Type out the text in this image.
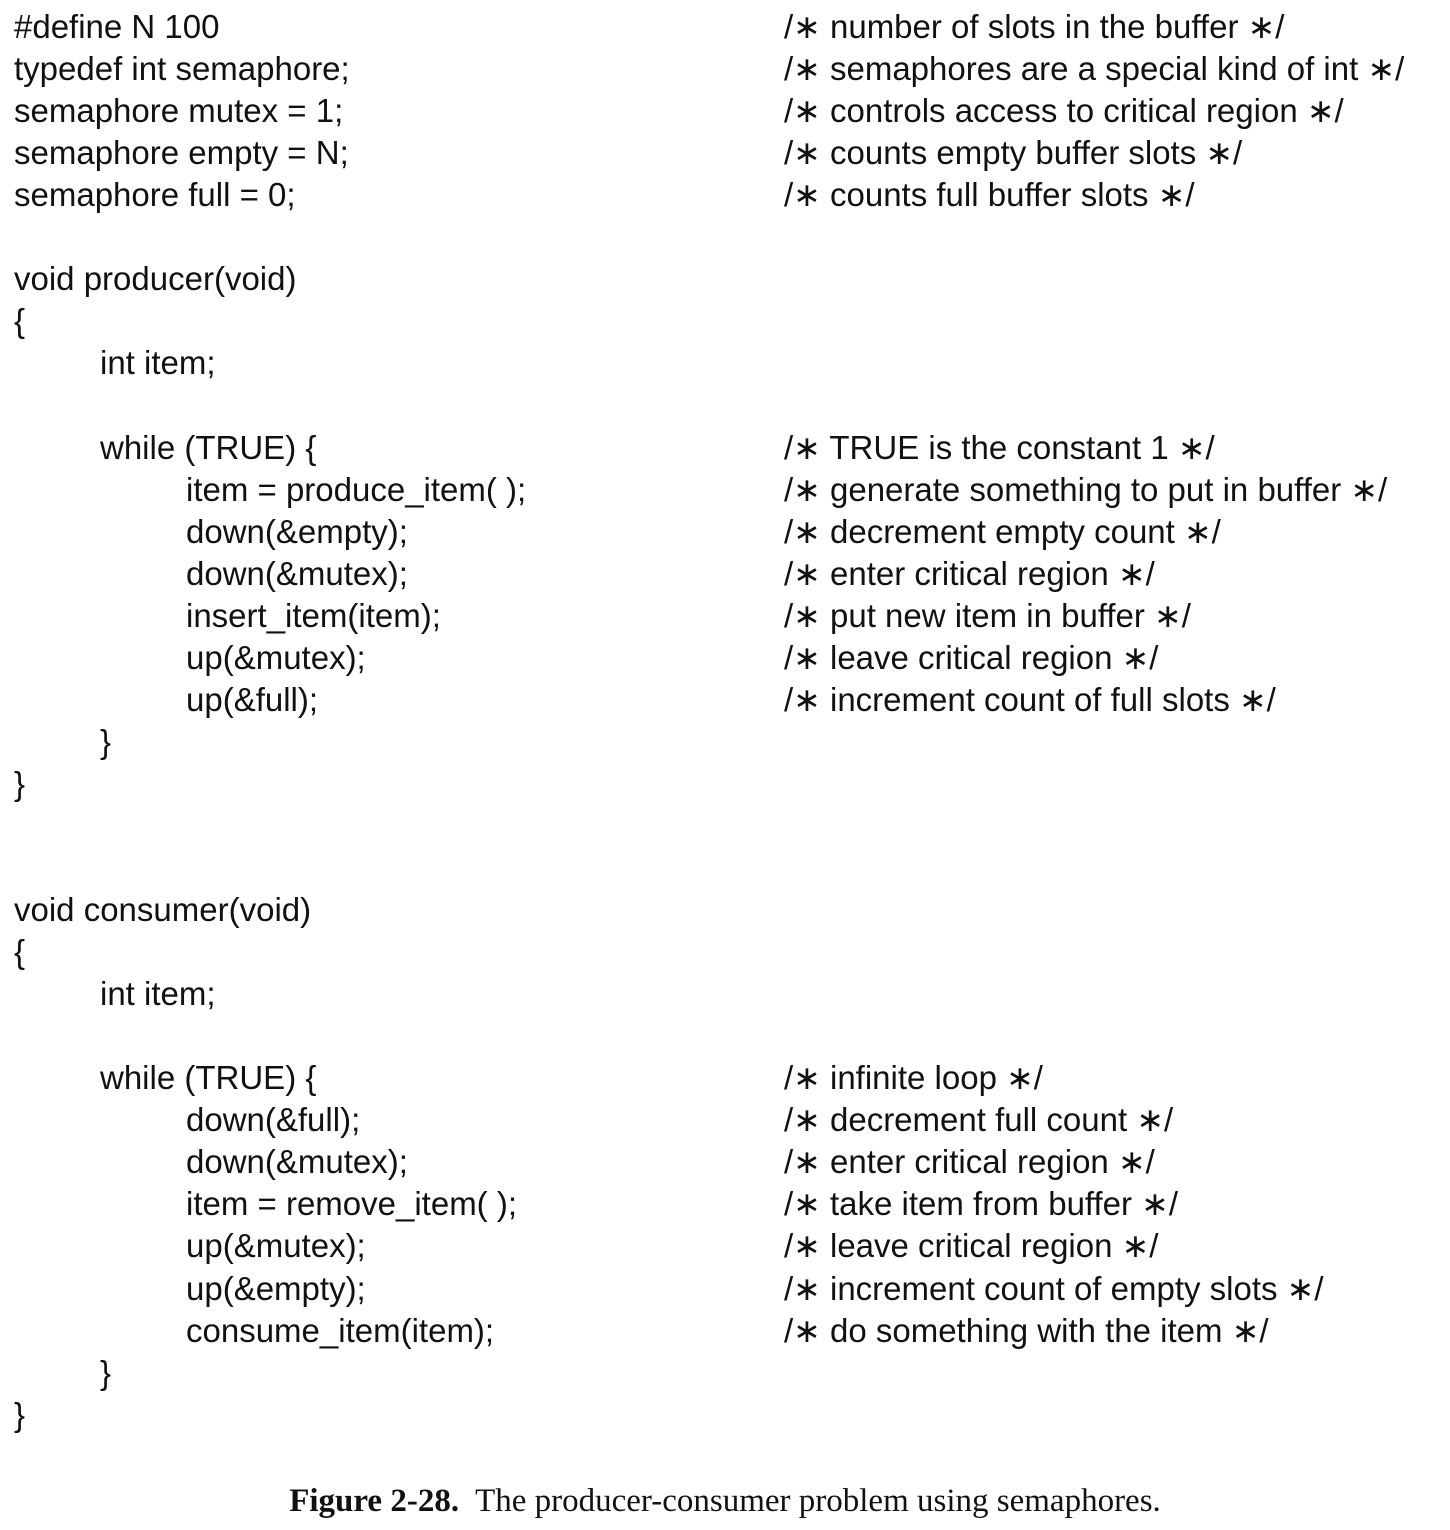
#define N 100	/∗ number of slots in the buffer ∗/
typedef int semaphore;	/∗ semaphores are a special kind of int ∗/
semaphore mutex = 1;	/∗ controls access to critical region ∗/
semaphore empty = N;	/∗ counts empty buffer slots ∗/
semaphore full = 0;	/∗ counts full buffer slots ∗/
void producer(void)
{
int item;
while (TRUE) {	/∗ TRUE is the constant 1 ∗/
item = produce_item( );	/∗ generate something to put in buffer ∗/
down(&empty);	/∗ decrement empty count ∗/
down(&mutex);	/∗ enter critical region ∗/
insert_item(item);	/∗ put new item in buffer ∗/
up(&mutex);	/∗ leave critical region ∗/
up(&full);	/∗ increment count of full slots ∗/
}
}
void consumer(void)
{
int item;
while (TRUE) {	/∗ infinite loop ∗/
down(&full);	/∗ decrement full count ∗/
down(&mutex);	/∗ enter critical region ∗/
item = remove_item( );	/∗ take item from buffer ∗/
up(&mutex);	/∗ leave critical region ∗/
up(&empty);	/∗ increment count of empty slots ∗/
consume_item(item);	/∗ do something with the item ∗/
}
}
Figure 2-28. The producer-consumer problem using semaphores.
